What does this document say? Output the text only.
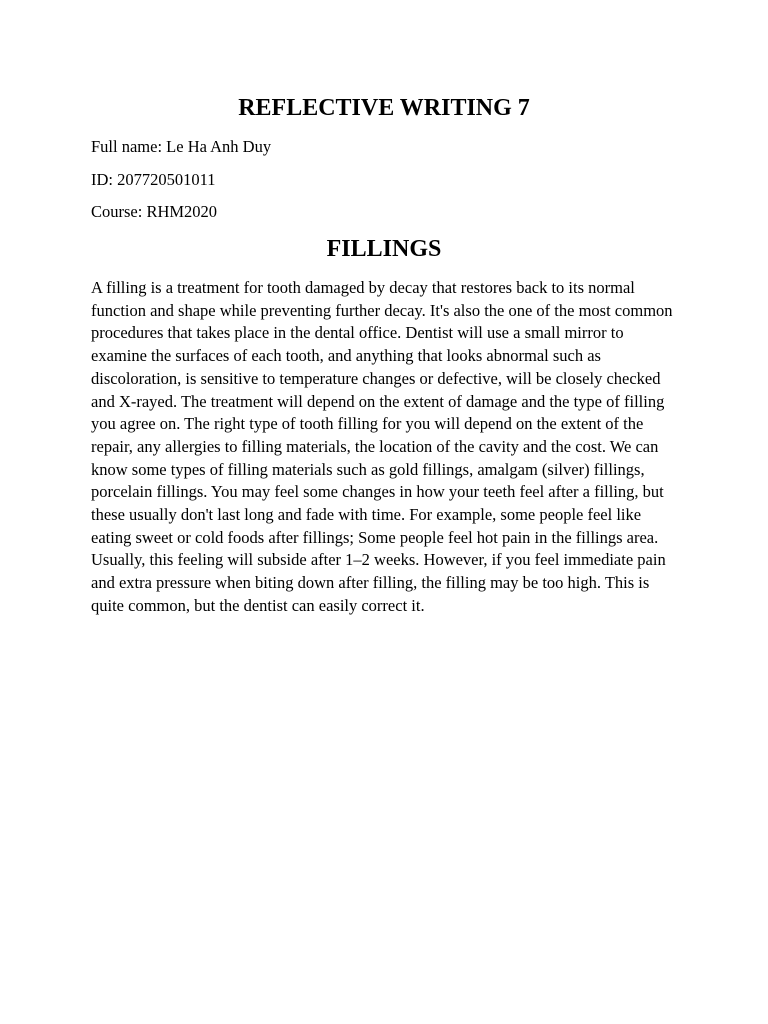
REFLECTIVE WRITING 7

Full name: Le Ha Anh Duy

ID: 207720501011

Course: RHM2020

FILLINGS

A filling is a treatment for tooth damaged by decay that restores back to its normal function and shape while preventing further decay. It's also the one of the most common procedures that takes place in the dental office. Dentist will use a small mirror to examine the surfaces of each tooth, and anything that looks abnormal such as discoloration, is sensitive to temperature changes or defective, will be closely checked and X-rayed. The treatment will depend on the extent of damage and the type of filling you agree on. The right type of tooth filling for you will depend on the extent of the repair, any allergies to filling materials, the location of the cavity and the cost. We can know some types of filling materials such as gold fillings, amalgam (silver) fillings, porcelain fillings. You may feel some changes in how your teeth feel after a filling, but these usually don't last long and fade with time. For example, some people feel like eating sweet or cold foods after fillings; Some people feel hot pain in the fillings area. Usually, this feeling will subside after 1–2 weeks. However, if you feel immediate pain and extra pressure when biting down after filling, the filling may be too high. This is quite common, but the dentist can easily correct it.
